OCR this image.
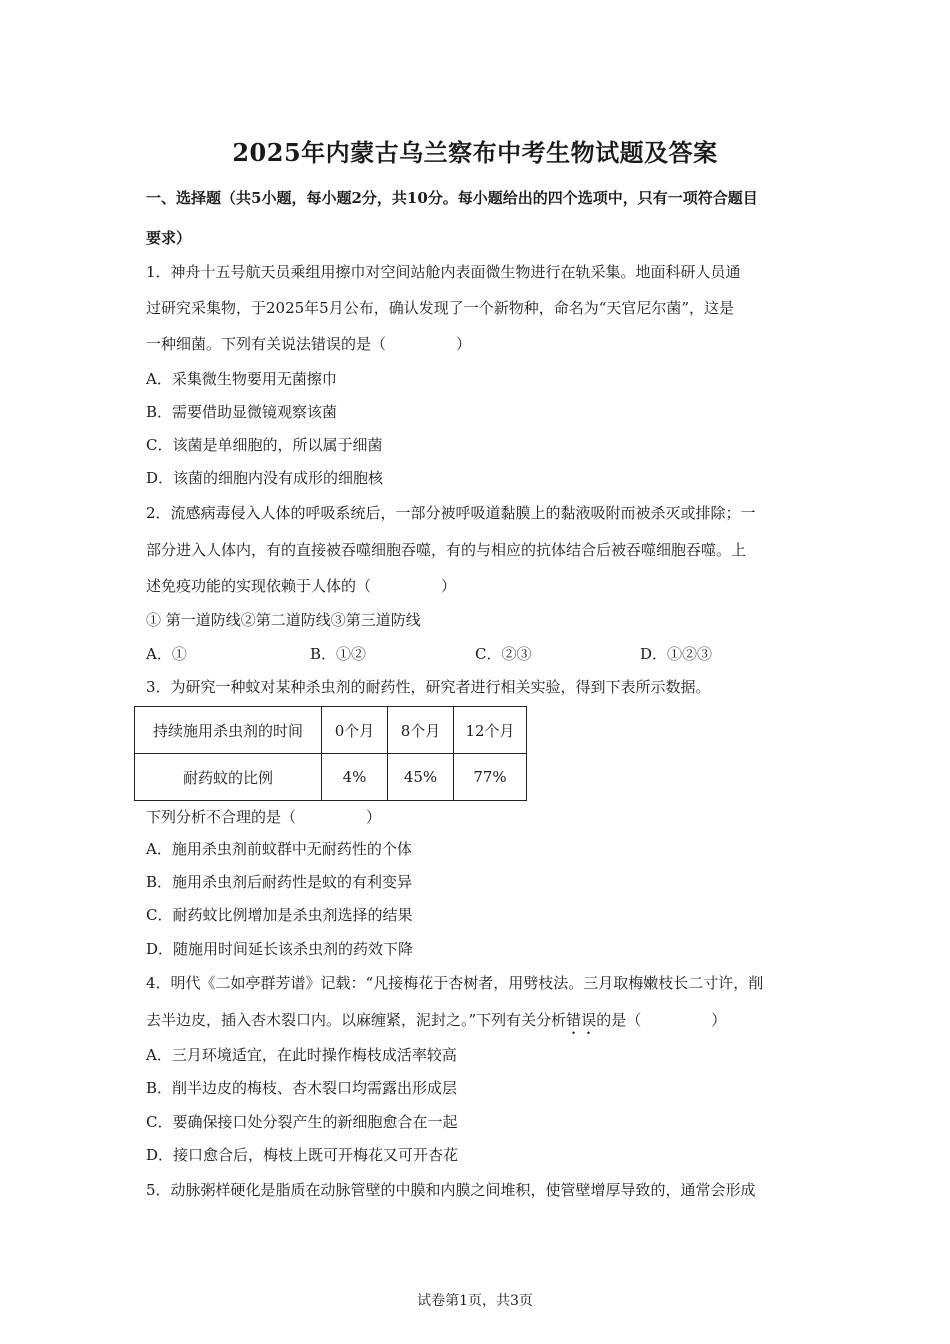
2025年内蒙古乌兰察布中考生物试题及答案
一、选择题（共5小题，每小题2分，共10分。每小题给出的四个选项中，只有一项符合题目
要求）
1．神舟十五号航天员乘组用擦巾对空间站舱内表面微生物进行在轨采集。地面科研人员通
过研究采集物，于2025年5月公布，确认发现了一个新物种，命名为“天官尼尔菌”，这是
一种细菌。下列有关说法错误的是（	）
A．采集微生物要用无菌擦巾
B．需要借助显微镜观察该菌
C．该菌是单细胞的，所以属于细菌
D．该菌的细胞内没有成形的细胞核
2．流感病毒侵入人体的呼吸系统后，一部分被呼吸道黏膜上的黏液吸附而被杀灭或排除；一
部分进入人体内，有的直接被吞噬细胞吞噬，有的与相应的抗体结合后被吞噬细胞吞噬。上
述免疫功能的实现依赖于人体的（	）
① 第一道防线②第二道防线③第三道防线
A．①	B．①②	C．②③	D．①②③
3．为研究一种蚊对某种杀虫剂的耐药性，研究者进行相关实验，得到下表所示数据。
持续施用杀虫剂的时间	0个月	8个月	12个月
耐药蚊的比例	4%	45%	77%
下列分析不合理的是（	）
A．施用杀虫剂前蚊群中无耐药性的个体
B．施用杀虫剂后耐药性是蚊的有利变异
C．耐药蚊比例增加是杀虫剂选择的结果
D．随施用时间延长该杀虫剂的药效下降
4．明代《二如亭群芳谱》记载：“凡接梅花于杏树者，用劈枝法。三月取梅嫩枝长二寸许，削
去半边皮，插入杏木裂口内。以麻缠紧，泥封之。”下列有关分析错误的是（	）
A．三月环境适宜，在此时操作梅枝成活率较高
B．削半边皮的梅枝、杏木裂口均需露出形成层
C．要确保接口处分裂产生的新细胞愈合在一起
D．接口愈合后，梅枝上既可开梅花又可开杏花
5．动脉粥样硬化是脂质在动脉管壁的中膜和内膜之间堆积，使管壁增厚导致的，通常会形成
试卷第1页，共3页
